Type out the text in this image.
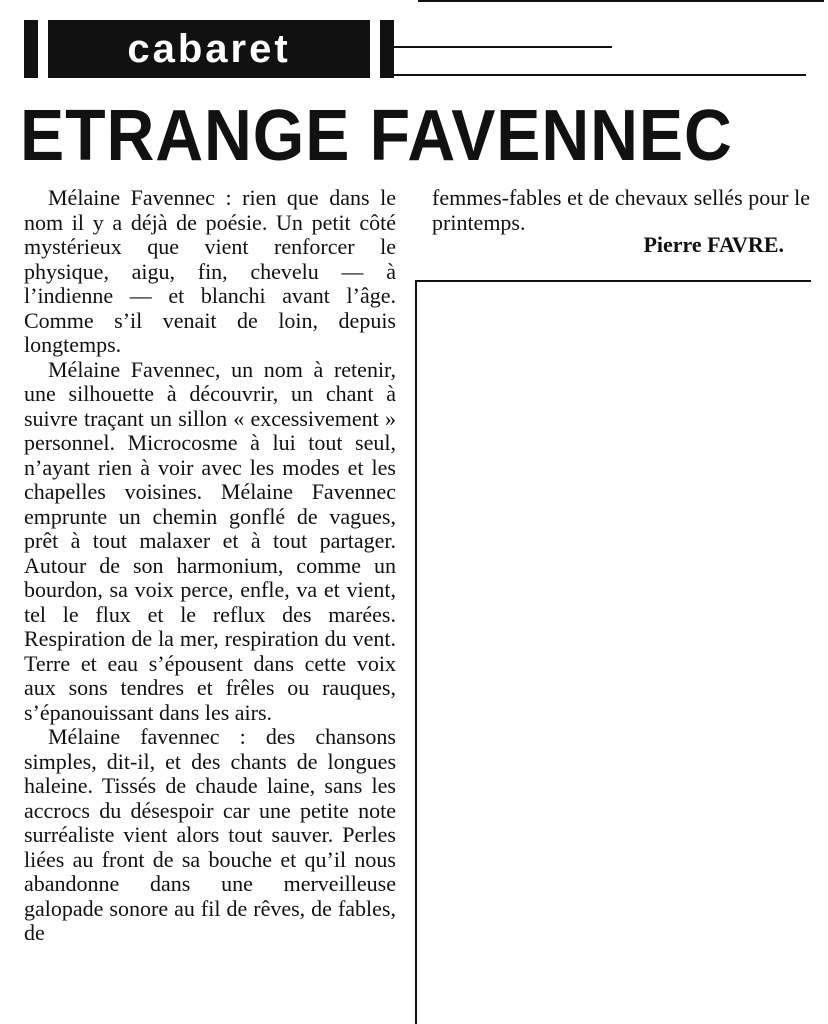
cabaret
ETRANGE FAVENNEC

Mélaine Favennec : rien que dans le nom il y a déjà de poésie. Un petit côté mystérieux que vient renforcer le physique, aigu, fin, chevelu — à l’indienne — et blanchi avant l’âge. Comme s’il venait de loin, depuis longtemps.

Mélaine Favennec, un nom à retenir, une silhouette à découvrir, un chant à suivre traçant un sillon « excessivement » personnel. Microcosme à lui tout seul, n’ayant rien à voir avec les modes et les chapelles voisines. Mélaine Favennec emprunte un chemin gonflé de vagues, prêt à tout malaxer et à tout partager. Autour de son harmonium, comme un bourdon, sa voix perce, enfle, va et vient, tel le flux et le reflux des marées. Respiration de la mer, respiration du vent. Terre et eau s’épousent dans cette voix aux sons tendres et frêles ou rauques, s’épanouissant dans les airs.

Mélaine favennec : des chansons simples, dit-il, et des chants de longues haleine. Tissés de chaude laine, sans les accrocs du désespoir car une petite note surréaliste vient alors tout sauver. Perles liées au front de sa bouche et qu’il nous abandonne dans une merveilleuse galopade sonore au fil de rêves, de fables, de

femmes-fables et de chevaux sellés pour le printemps.

Pierre FAVRE.
